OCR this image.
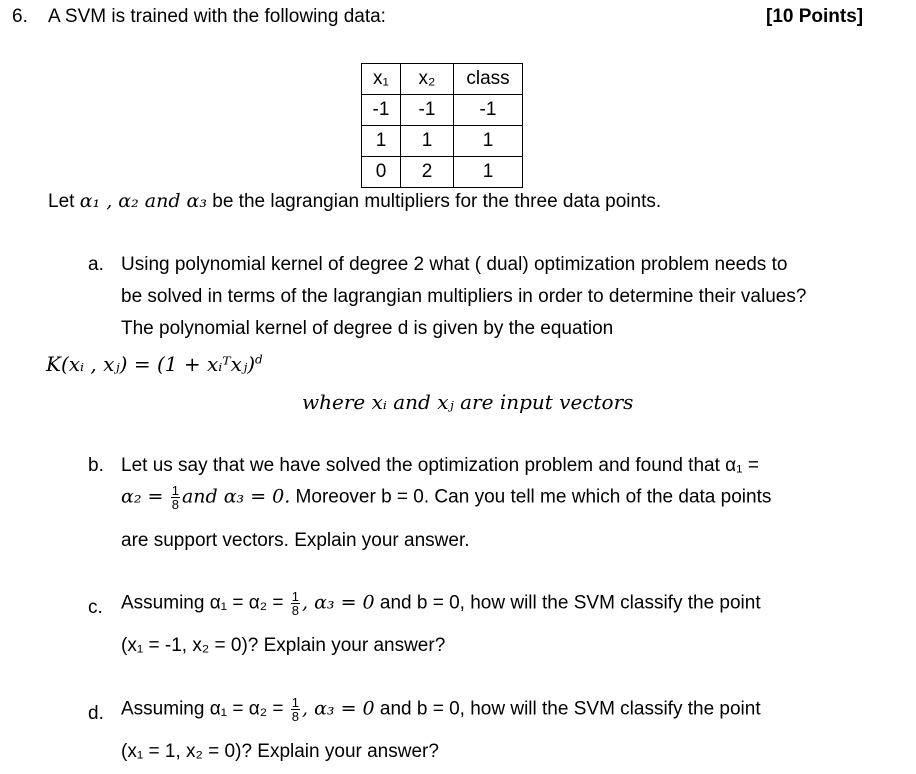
6. A SVM is trained with the following data:	[10 Points]
x₁	x₂	class
-1	-1	-1
1	1	1
0	2	1
Let α₁ , α₂ and α₃ be the lagrangian multipliers for the three data points.
a. Using polynomial kernel of degree 2 what ( dual) optimization problem needs to
be solved in terms of the lagrangian multipliers in order to determine their values?
The polynomial kernel of degree d is given by the equation
K(xᵢ , xⱼ) = (1 + xᵢᵀxⱼ)$^d$
where xᵢ and xⱼ are input vectors
b. Let us say that we have solved the optimization problem and found that α₁ =
$\alpha_2 = \frac{1}{8}$ and α₃ = 0. Moreover b = 0. Can you tell me which of the data points
are support vectors. Explain your answer.
c. Assuming $\alpha_1 = \alpha_2 = \frac{1}{8}$ , α₃ = 0 and b = 0, how will the SVM classify the point
(x₁ = -1, x₂ = 0)? Explain your answer?
d. Assuming $\alpha_1 = \alpha_2 = \frac{1}{8}$ , α₃ = 0 and b = 0, how will the SVM classify the point
(x₁ = 1, x₂ = 0)? Explain your answer?
